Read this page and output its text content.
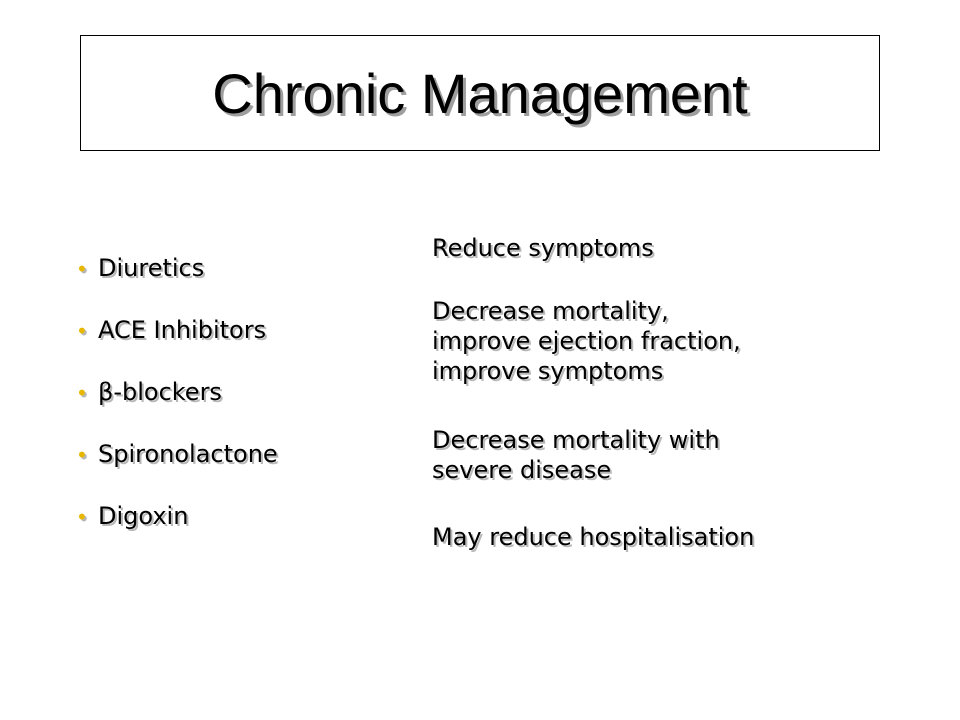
Chronic Management
• Diuretics
• ACE Inhibitors
• β-blockers
• Spironolactone
• Digoxin
Reduce symptoms
Decrease mortality,
improve ejection fraction,
improve symptoms
Decrease mortality with
severe disease
May reduce hospitalisation
